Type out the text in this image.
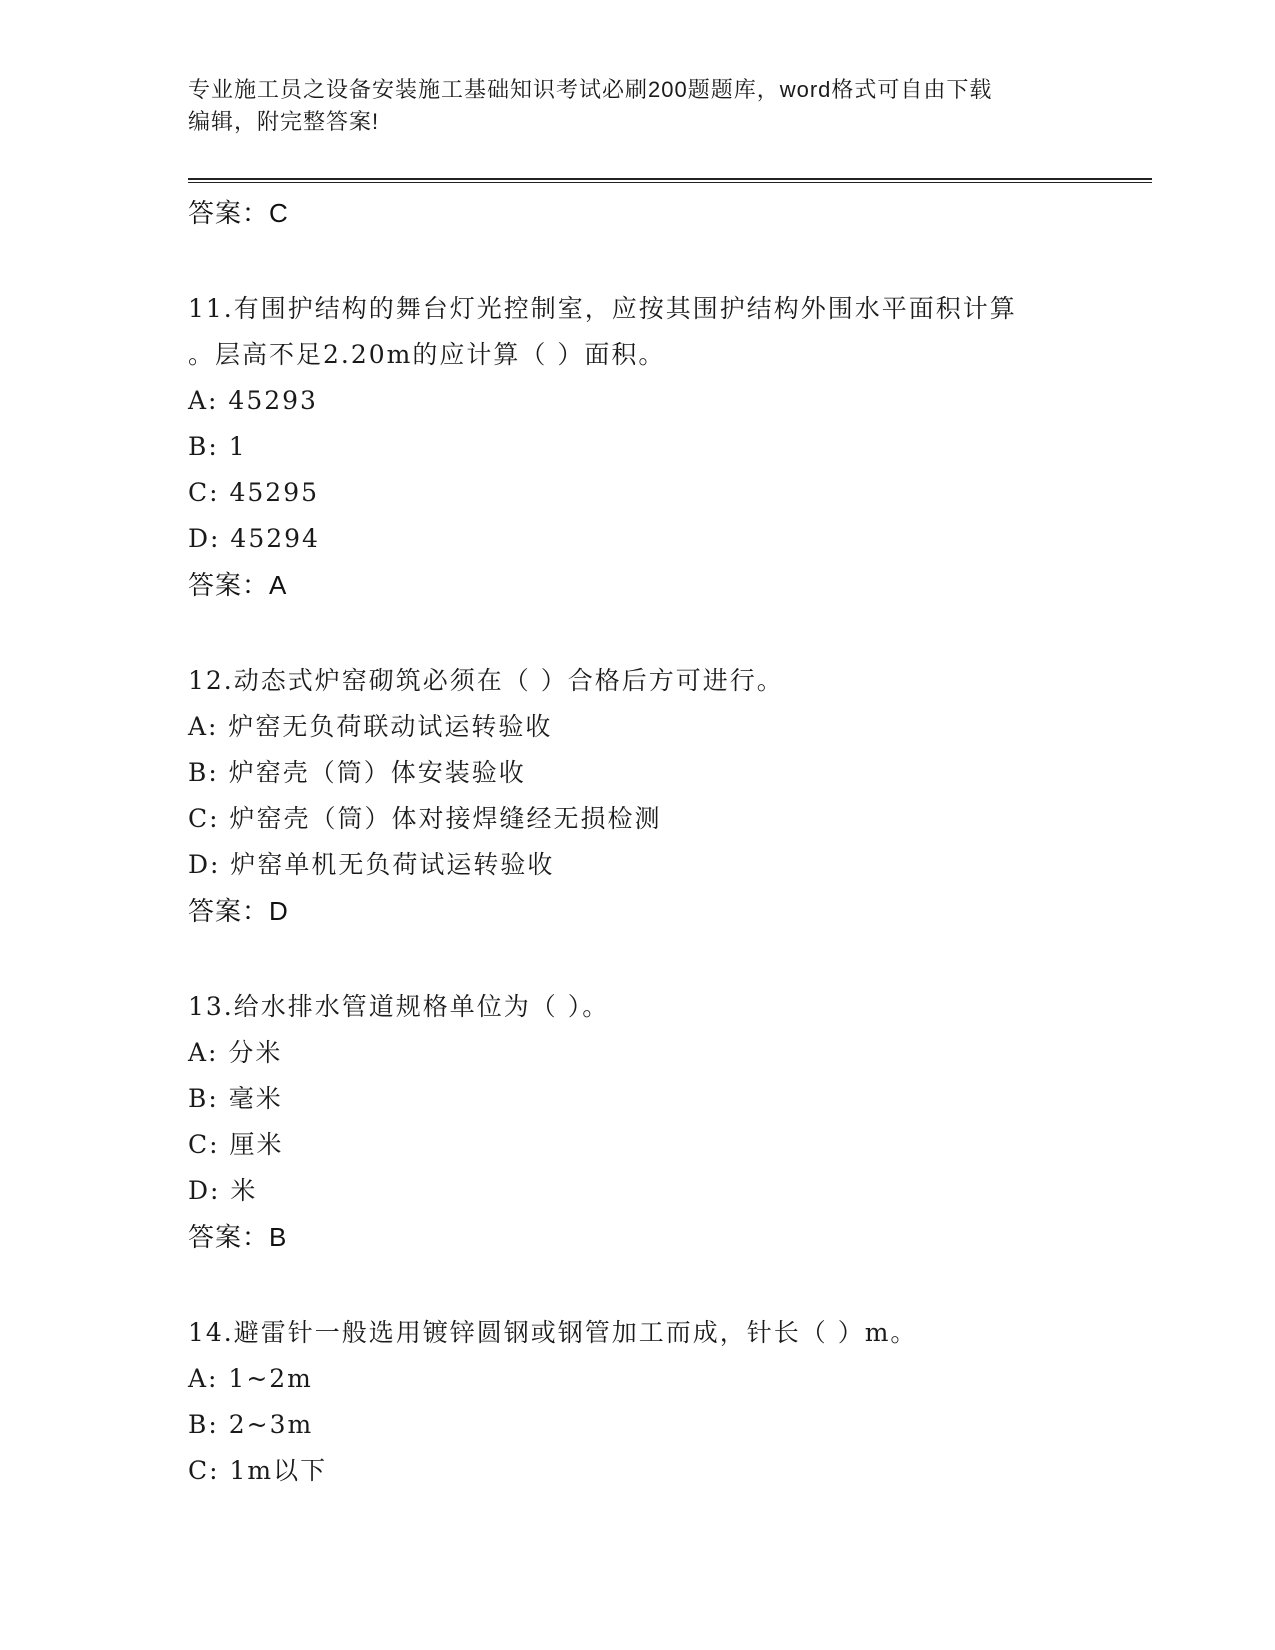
专业施工员之设备安装施工基础知识考试必刷200题题库，word格式可自由下载
编辑，附完整答案!
答案：C
11.有围护结构的舞台灯光控制室，应按其围护结构外围水平面积计算
。层高不足2.20m的应计算（ ）面积。
A: 45293
B: 1
C: 45295
D: 45294
答案：A
12.动态式炉窑砌筑必须在（ ）合格后方可进行。
A: 炉窑无负荷联动试运转验收
B: 炉窑壳（筒）体安装验收
C: 炉窑壳（筒）体对接焊缝经无损检测
D: 炉窑单机无负荷试运转验收
答案：D
13.给水排水管道规格单位为（ ）。
A: 分米
B: 毫米
C: 厘米
D: 米
答案：B
14.避雷针一般选用镀锌圆钢或钢管加工而成，针长（ ）m。
A: 1~2m
B: 2~3m
C: 1m以下
